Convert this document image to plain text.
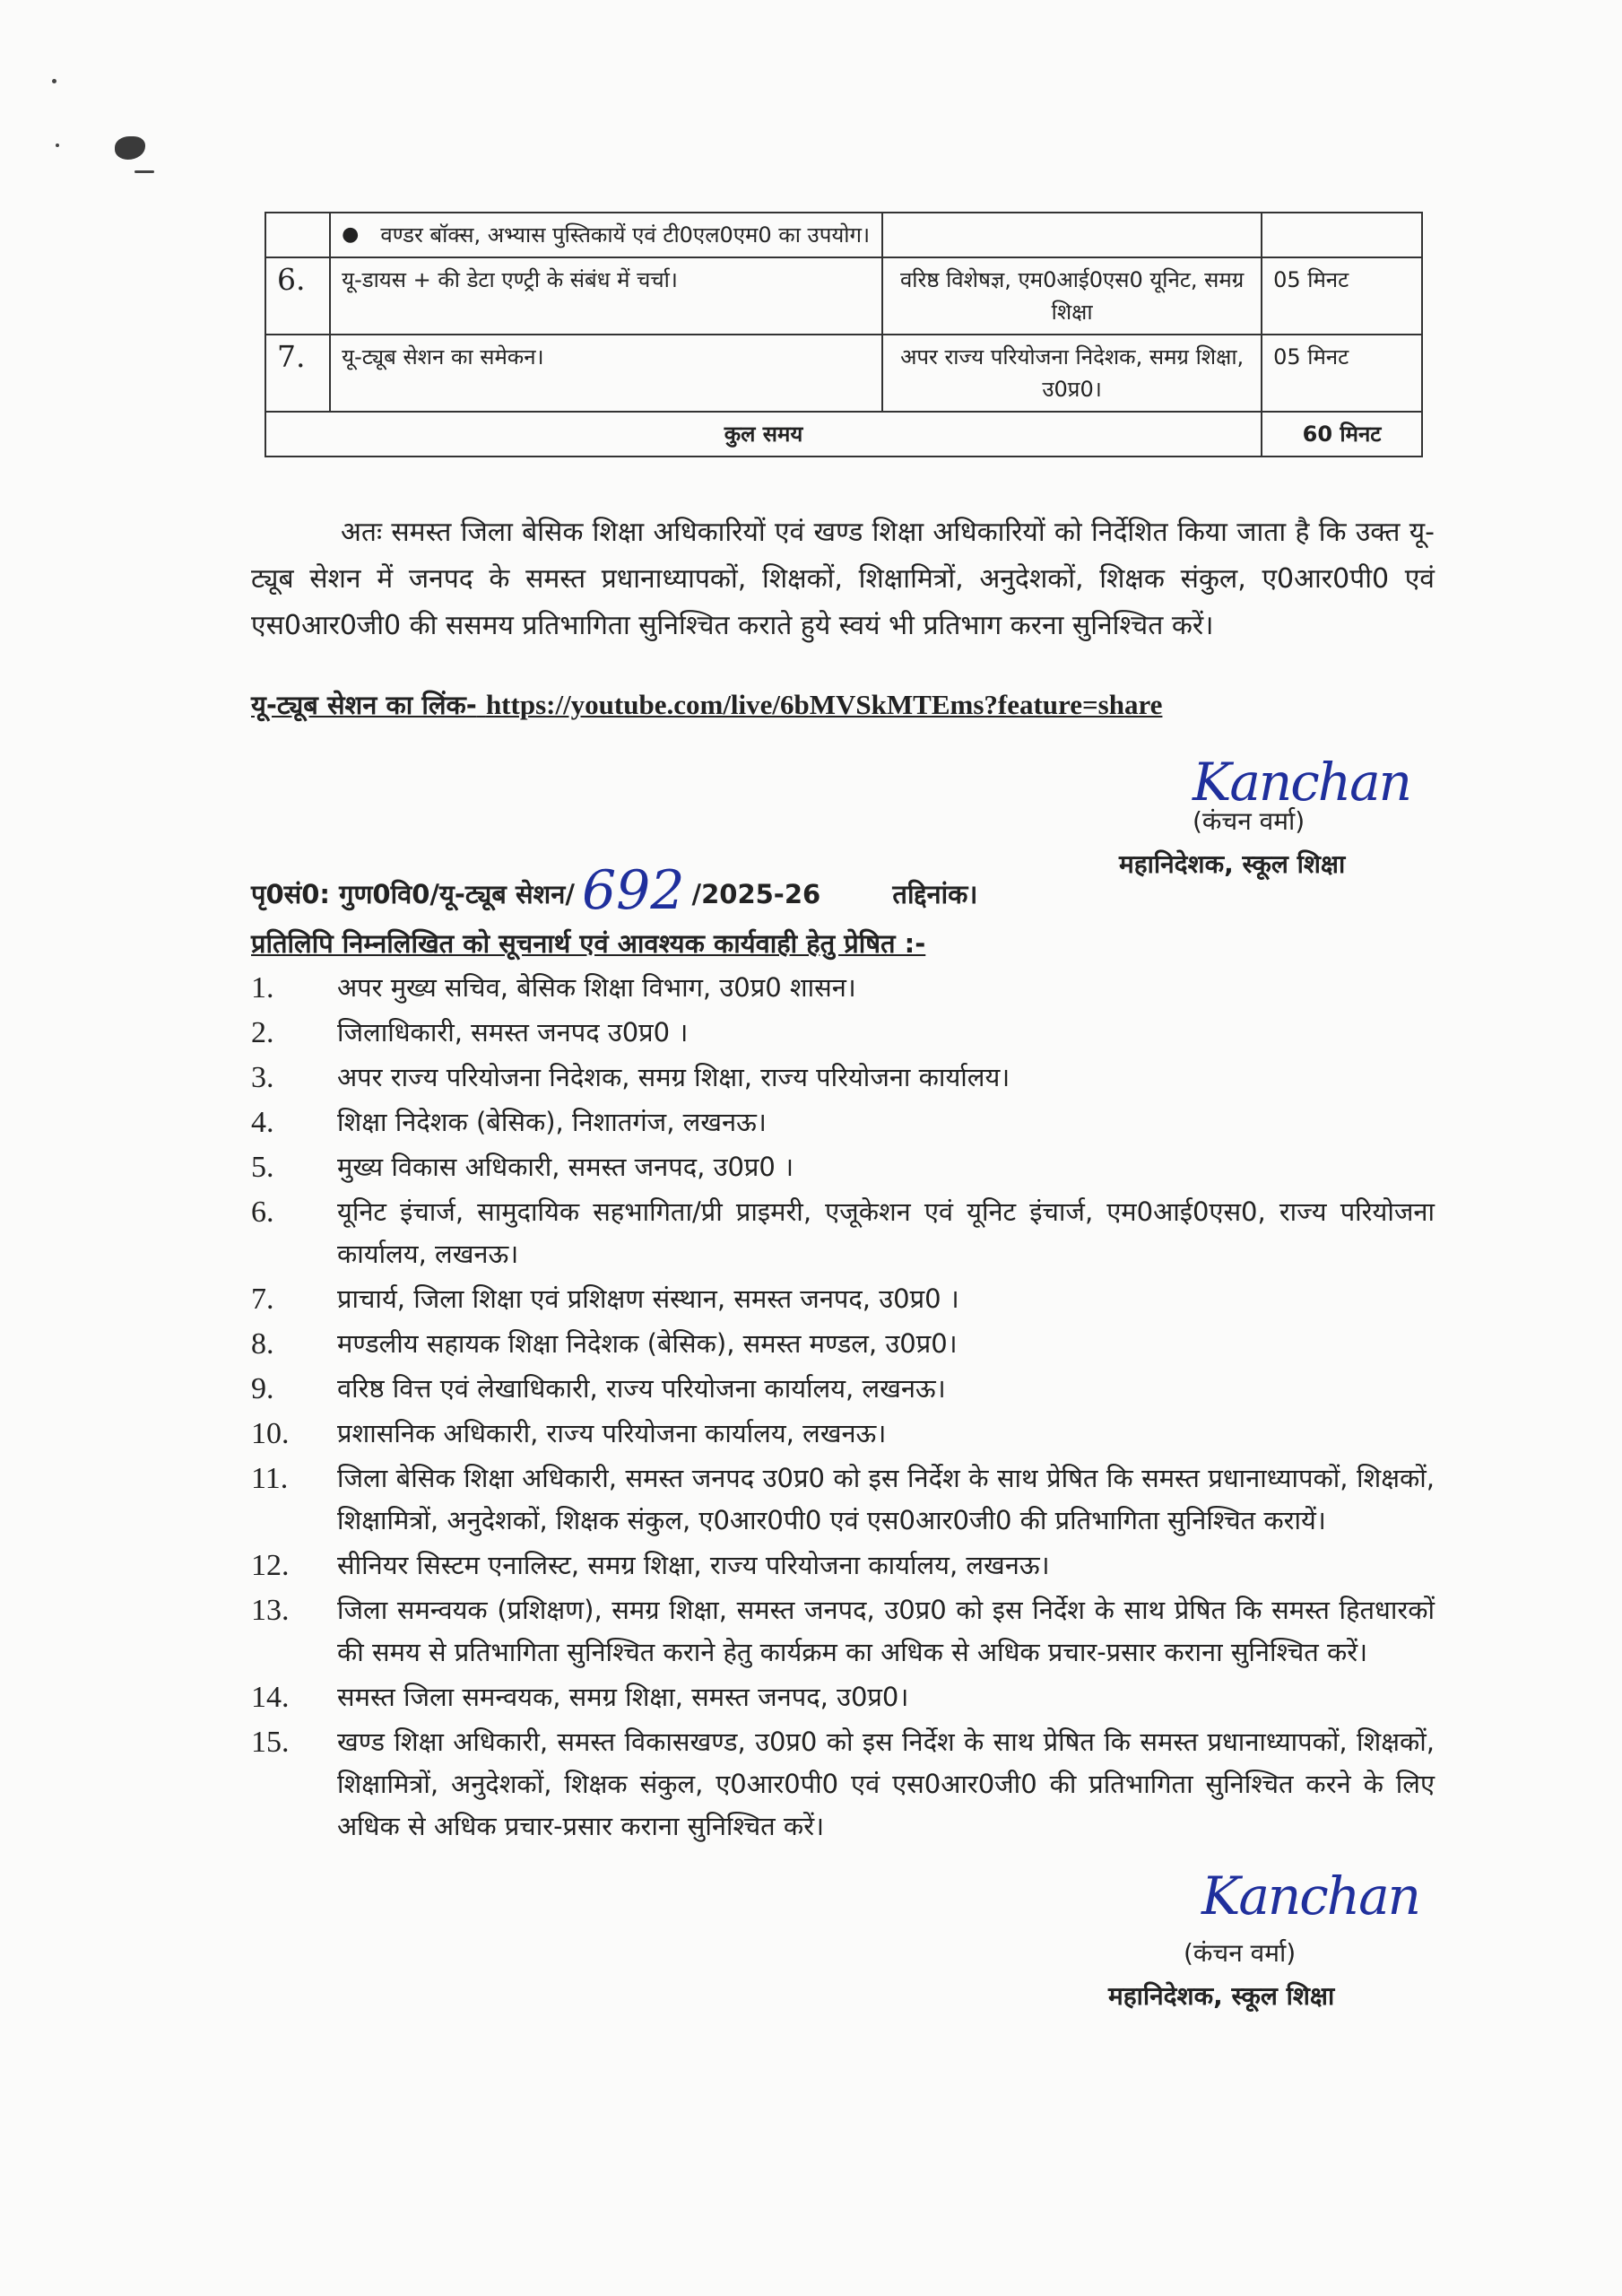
	● वण्डर बॉक्स, अभ्यास पुस्तिकायें एवं टी0एल0एम0 का उपयोग।		

6.	यू-डायस + की डेटा एण्ट्री के संबंध में चर्चा।	वरिष्ठ विशेषज्ञ, एम0आई0एस0 यूनिट, समग्र शिक्षा	05 मिनट
7.	यू-ट्यूब सेशन का समेकन।	अपर राज्य परियोजना निदेशक, समग्र शिक्षा, उ0प्र0।	05 मिनट
कुल समय			60 मिनट
अतः समस्त जिला बेसिक शिक्षा अधिकारियों एवं खण्ड शिक्षा अधिकारियों को निर्देशित किया जाता है कि उक्त यू-ट्यूब सेशन में जनपद के समस्त प्रधानाध्यापकों, शिक्षकों, शिक्षामित्रों, अनुदेशकों, शिक्षक संकुल, ए0आर0पी0 एवं एस0आर0जी0 की ससमय प्रतिभागिता सुनिश्चित कराते हुये स्वयं भी प्रतिभाग करना सुनिश्चित करें।
यू-ट्यूब सेशन का लिंक- https://youtube.com/live/6bMVSkMTEms?feature=share
Kanchan
(कंचन वर्मा)
महानिदेशक, स्कूल शिक्षा
पृ0सं0: गुण0वि0/यू-ट्यूब सेशन/ 692 /2025-26	तद्दिनांक।
प्रतिलिपि निम्नलिखित को सूचनार्थ एवं आवश्यक कार्यवाही हेतु प्रेषित :-
1.	अपर मुख्य सचिव, बेसिक शिक्षा विभाग, उ0प्र0 शासन।
2.	जिलाधिकारी, समस्त जनपद उ0प्र0 ।
3.	अपर राज्य परियोजना निदेशक, समग्र शिक्षा, राज्य परियोजना कार्यालय।
4.	शिक्षा निदेशक (बेसिक), निशातगंज, लखनऊ।
5.	मुख्य विकास अधिकारी, समस्त जनपद, उ0प्र0 ।
6.	यूनिट इंचार्ज, सामुदायिक सहभागिता/प्री प्राइमरी, एजूकेशन एवं यूनिट इंचार्ज, एम0आई0एस0, राज्य परियोजना कार्यालय, लखनऊ।
7.	प्राचार्य, जिला शिक्षा एवं प्रशिक्षण संस्थान, समस्त जनपद, उ0प्र0 ।
8.	मण्डलीय सहायक शिक्षा निदेशक (बेसिक), समस्त मण्डल, उ0प्र0।
9.	वरिष्ठ वित्त एवं लेखाधिकारी, राज्य परियोजना कार्यालय, लखनऊ।
10.	प्रशासनिक अधिकारी, राज्य परियोजना कार्यालय, लखनऊ।
11.	जिला बेसिक शिक्षा अधिकारी, समस्त जनपद उ0प्र0 को इस निर्देश के साथ प्रेषित कि समस्त प्रधानाध्यापकों, शिक्षकों, शिक्षामित्रों, अनुदेशकों, शिक्षक संकुल, ए0आर0पी0 एवं एस0आर0जी0 की प्रतिभागिता सुनिश्चित करायें।
12.	सीनियर सिस्टम एनालिस्ट, समग्र शिक्षा, राज्य परियोजना कार्यालय, लखनऊ।
13.	जिला समन्वयक (प्रशिक्षण), समग्र शिक्षा, समस्त जनपद, उ0प्र0 को इस निर्देश के साथ प्रेषित कि समस्त हितधारकों की समय से प्रतिभागिता सुनिश्चित कराने हेतु कार्यक्रम का अधिक से अधिक प्रचार-प्रसार कराना सुनिश्चित करें।
14.	समस्त जिला समन्वयक, समग्र शिक्षा, समस्त जनपद, उ0प्र0।
15.	खण्ड शिक्षा अधिकारी, समस्त विकासखण्ड, उ0प्र0 को इस निर्देश के साथ प्रेषित कि समस्त प्रधानाध्यापकों, शिक्षकों, शिक्षामित्रों, अनुदेशकों, शिक्षक संकुल, ए0आर0पी0 एवं एस0आर0जी0 की प्रतिभागिता सुनिश्चित करने के लिए अधिक से अधिक प्रचार-प्रसार कराना सुनिश्चित करें।
Kanchan
(कंचन वर्मा)
महानिदेशक, स्कूल शिक्षा
